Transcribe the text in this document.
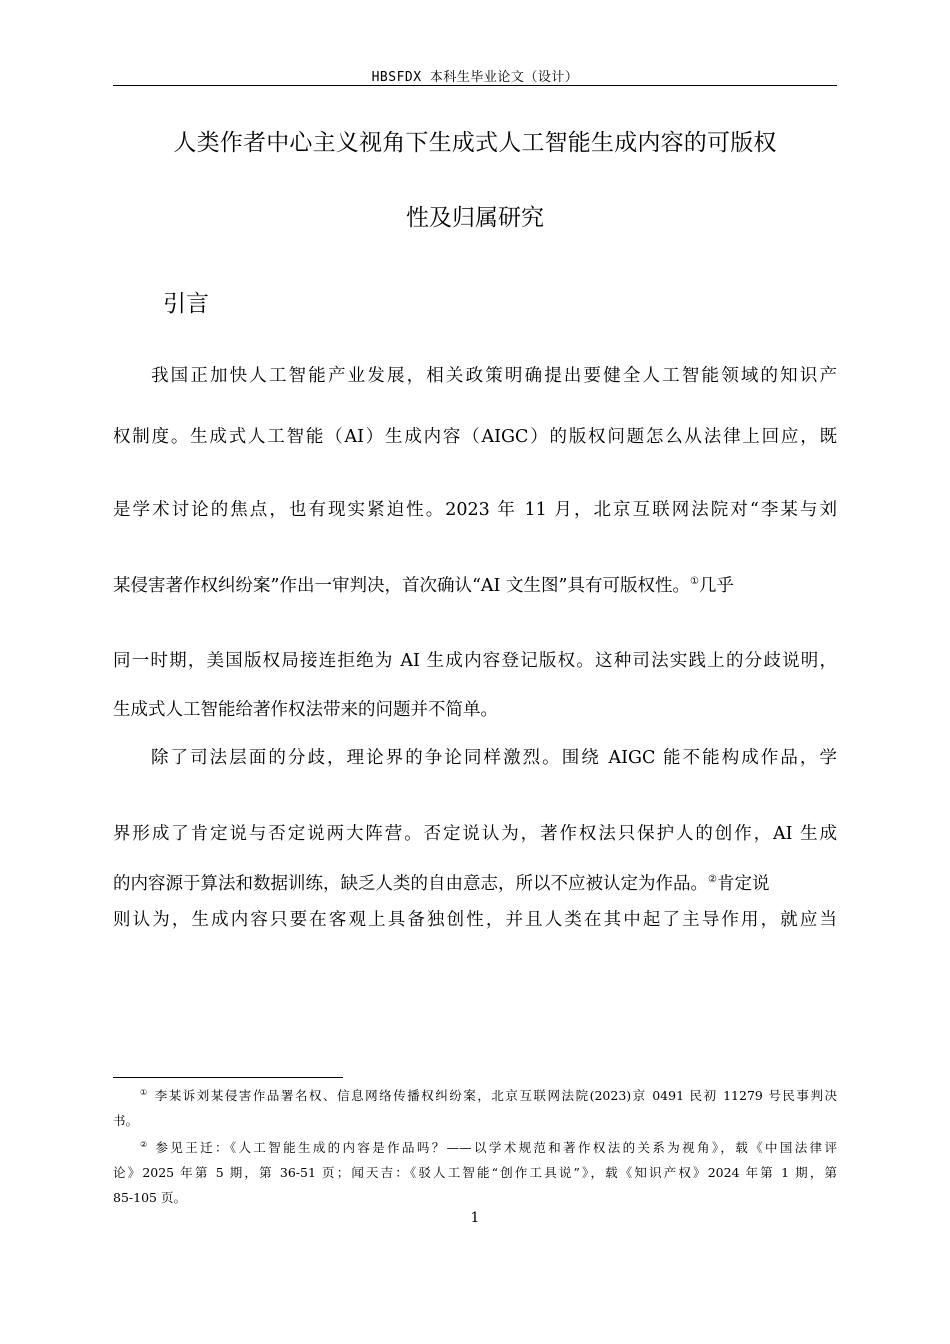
HBSFDX 本科生毕业论文（设计）
人类作者中心主义视角下生成式人工智能生成内容的可版权
性及归属研究
引言
我国正加快人工智能产业发展，相关政策明确提出要健全人工智能领域的知识产
权制度。生成式人工智能（AI）生成内容（AIGC）的版权问题怎么从法律上回应，既
是学术讨论的焦点，也有现实紧迫性。2023 年 11 月，北京互联网法院对“李某与刘
某侵害著作权纠纷案”作出一审判决，首次确认“AI 文生图”具有可版权性。①几乎
同一时期，美国版权局接连拒绝为 AI 生成内容登记版权。这种司法实践上的分歧说明，
生成式人工智能给著作权法带来的问题并不简单。
除了司法层面的分歧，理论界的争论同样激烈。围绕 AIGC 能不能构成作品，学
界形成了肯定说与否定说两大阵营。否定说认为，著作权法只保护人的创作，AI 生成
的内容源于算法和数据训练，缺乏人类的自由意志，所以不应被认定为作品。②肯定说
则认为，生成内容只要在客观上具备独创性，并且人类在其中起了主导作用，就应当
① 李某诉刘某侵害作品署名权、信息网络传播权纠纷案，北京互联网法院(2023)京 0491 民初 11279 号民事判决
书。
② 参见王迁：《人工智能生成的内容是作品吗？——以学术规范和著作权法的关系为视角》，载《中国法律评
论》2025 年第 5 期，第 36-51 页；闻天吉：《驳人工智能“创作工具说”》，载《知识产权》2024 年第 1 期，第
85-105 页。
1
